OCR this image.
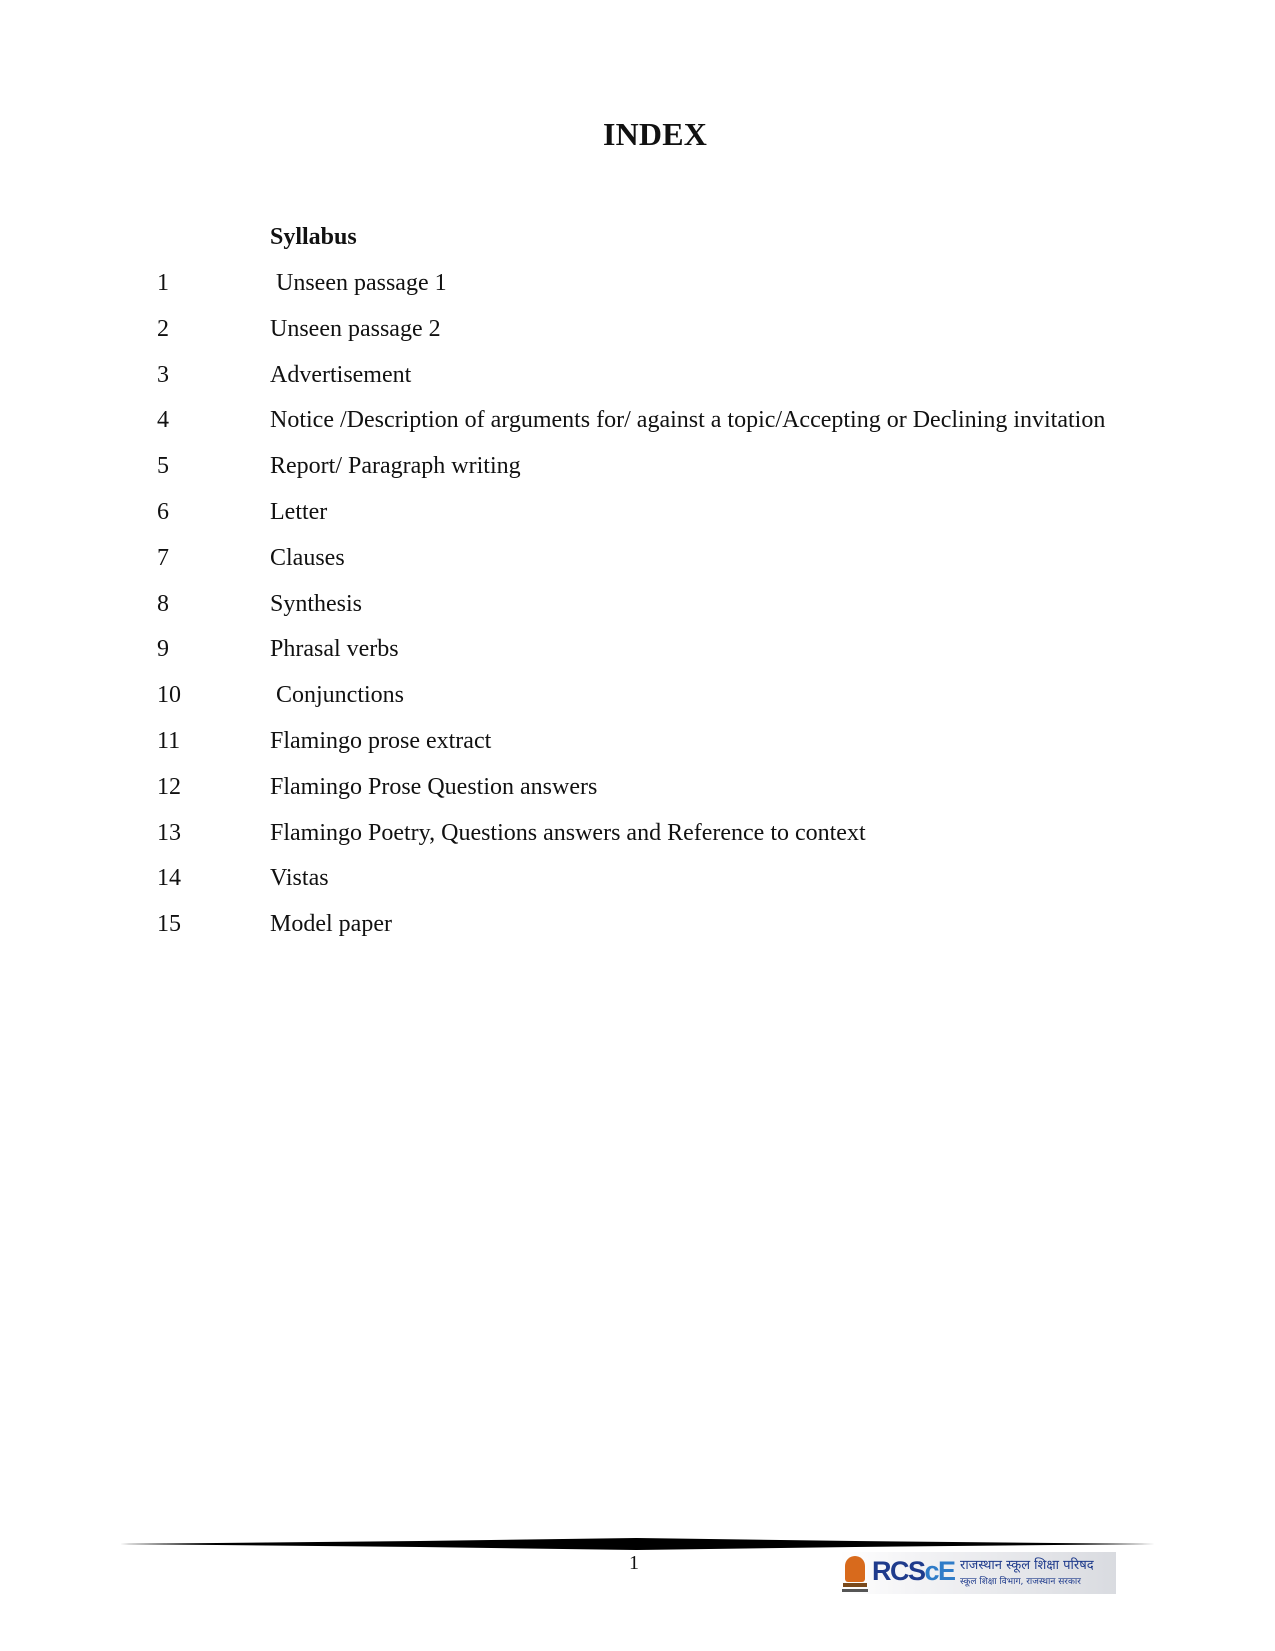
INDEX
Syllabus
1	Unseen passage 1
2	Unseen passage 2
3	Advertisement
4	Notice /Description of arguments for/ against a topic/Accepting or Declining invitation
5	Report/ Paragraph writing
6	Letter
7	Clauses
8	Synthesis
9	Phrasal verbs
10	Conjunctions
11	Flamingo prose extract
12	Flamingo Prose Question answers
13	Flamingo Poetry, Questions answers and Reference to context
14	Vistas
15	Model paper
1	RCScE राजस्थान स्कूल शिक्षा परिषद
स्कूल शिक्षा विभाग, राजस्थान सरकार
